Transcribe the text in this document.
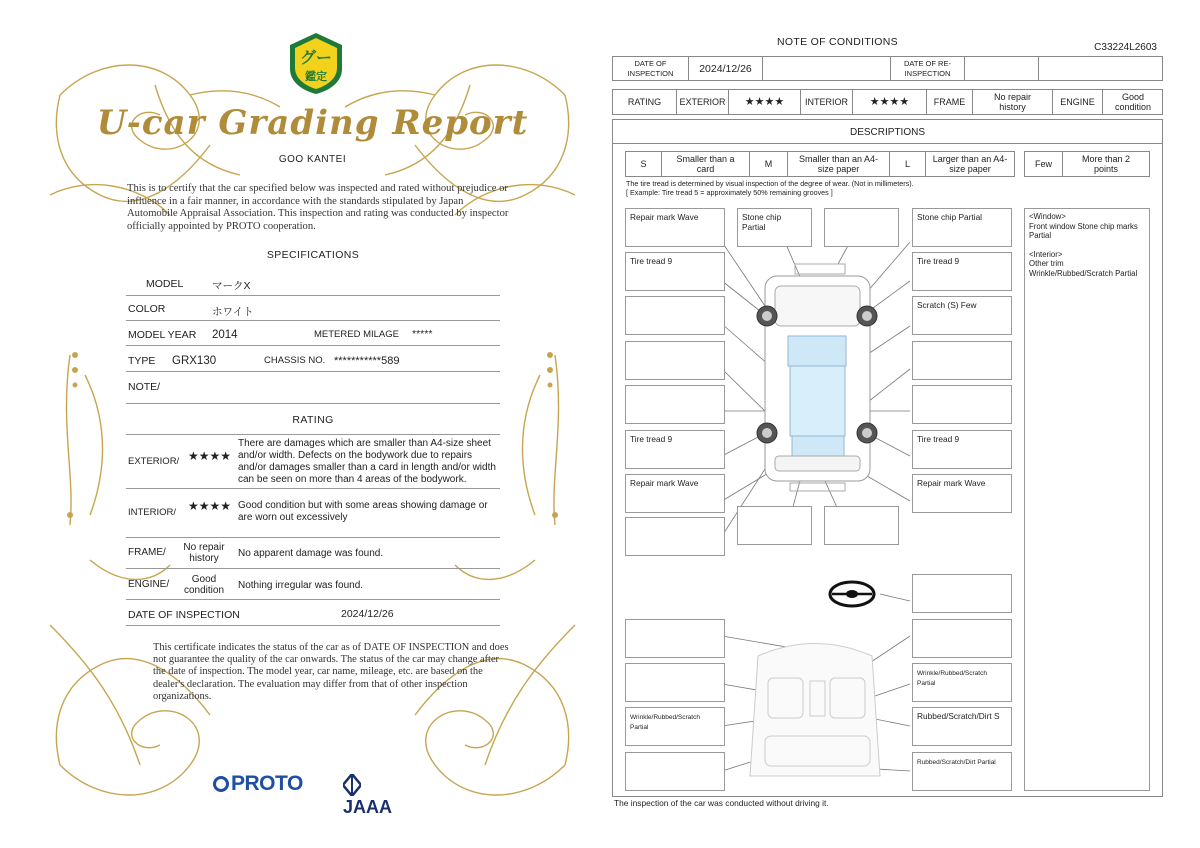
グー
鑑定
U-car Grading Report
GOO KANTEI
This is to certify that the car specified below was inspected and rated without prejudice or influence in a fair manner, in accordance with the standards stipulated by Japan Automobile Appraisal Association. This inspection and rating was conducted by inspector officially appointed by PROTO cooperation.
SPECIFICATIONS
MODEL	マークX
COLOR	ホワイト
MODEL YEAR 2014	METERED MILAGE *****
TYPE GRX130	CHASSIS NO. ***********589
NOTE/
RATING
EXTERIOR/ ★★★★
There are damages which are smaller than A4-size sheet and/or width. Defects on the bodywork due to repairs and/or damages smaller than a card in length and/or width can be seen on more than 4 areas of the bodywork.
INTERIOR/ ★★★★ Good condition but with some areas showing damage or are worn out excessively
FRAME/	No repair history	No apparent damage was found.
ENGINE/	Good condition	Nothing irregular was found.
DATE OF INSPECTION	2024/12/26
This certificate indicates the status of the car as of DATE OF INSPECTION and does not guarantee the quality of the car onwards. The status of the car may change after the date of inspection. The model year, car name, mileage, etc. are based on the dealer's declaration. The evaluation may differ from that of other inspection organizations.
PROTO
JAAA
NOTE OF CONDITIONS	C33224L2603
DATE OF INSPECTION	2024/12/26	DATE OF RE-INSPECTION
RATING	EXTERIOR	★★★★	INTERIOR	★★★★	FRAME	No repair history	ENGINE	Good condition
DESCRIPTIONS
S	Smaller than a card	M	Smaller than an A4-size paper	L	Larger than an A4-size paper	Few	More than 2 points
The tire tread is determined by visual inspection of the degree of wear. (Not in millimeters).
[ Example: Tire tread 5 = approximately 50% remaining grooves ]
Repair mark Wave	Stone chip Partial
Stone chip Partial
Tire tread 9	Tire tread 9
Scratch (S) Few
Tire tread 9	Tire tread 9
Repair mark Wave	Repair mark Wave
Wrinkle/Rubbed/Scratch Partial
Wrinkle/Rubbed/Scratch Partial
Rubbed/Scratch/Dirt S
Rubbed/Scratch/Dirt Partial
<Window>
Front window Stone chip marks Partial
<Interior>
Other trim Wrinkle/Rubbed/Scratch Partial
The inspection of the car was conducted without driving it.
